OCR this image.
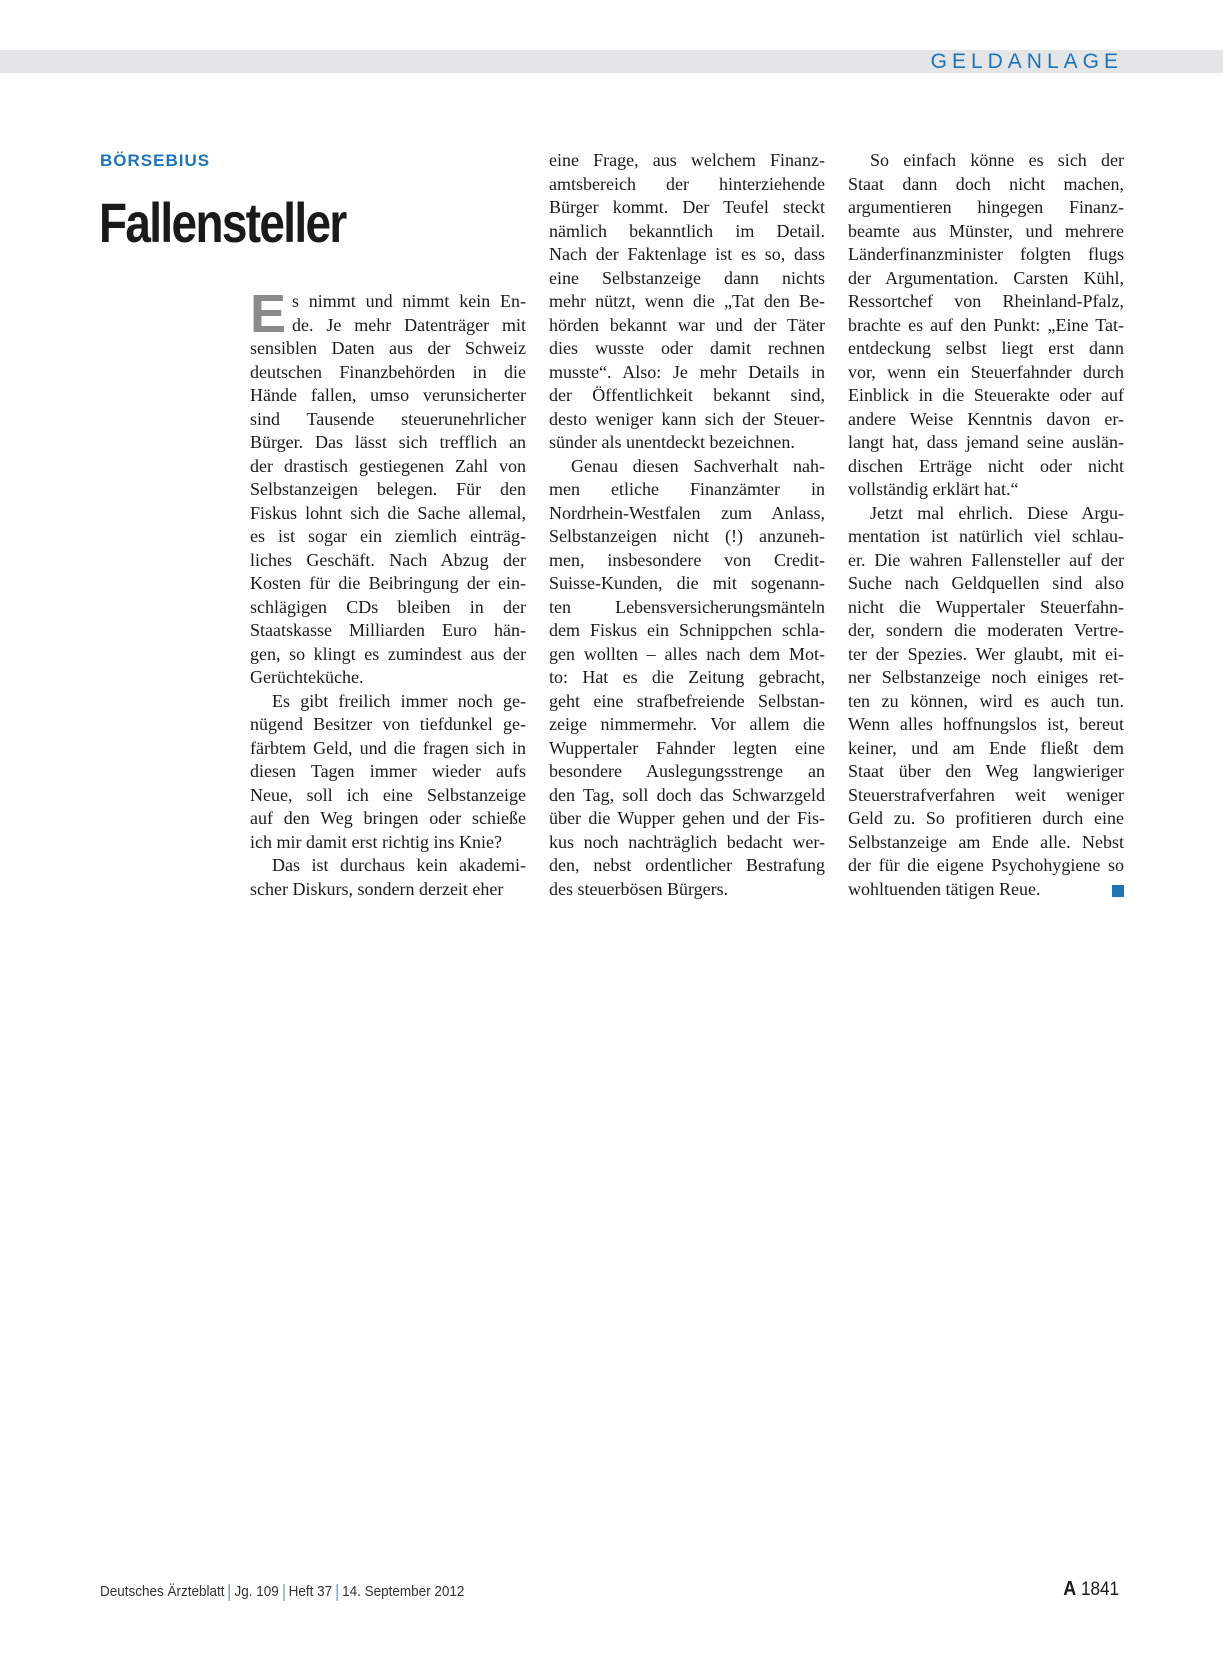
GELDANLAGE
BÖRSEBIUS
Fallensteller
s nimmt und nimmt kein En-
de. Je mehr Datenträger mit
sensiblen Daten aus der Schweiz
deutschen Finanzbehörden in die
Hände fallen, umso verunsicherter
sind Tausende steuerunehrlicher
Bürger. Das lässt sich trefflich an
der drastisch gestiegenen Zahl von
Selbstanzeigen belegen. Für den
Fiskus lohnt sich die Sache allemal,
es ist sogar ein ziemlich einträg-
liches Geschäft. Nach Abzug der
Kosten für die Beibringung der ein-
schlägigen CDs bleiben in der
Staatskasse Milliarden Euro hän-
gen, so klingt es zumindest aus der
Gerüchteküche.
Es gibt freilich immer noch ge-
nügend Besitzer von tiefdunkel ge-
färbtem Geld, und die fragen sich in
diesen Tagen immer wieder aufs
Neue, soll ich eine Selbstanzeige
auf den Weg bringen oder schieße
ich mir damit erst richtig ins Knie?
Das ist durchaus kein akademi-
scher Diskurs, sondern derzeit eher
E
eine Frage, aus welchem Finanz-
amtsbereich der hinterziehende
Bürger kommt. Der Teufel steckt
nämlich bekanntlich im Detail.
Nach der Faktenlage ist es so, dass
eine Selbstanzeige dann nichts
mehr nützt, wenn die „Tat den Be-
hörden bekannt war und der Täter
dies wusste oder damit rechnen
musste“. Also: Je mehr Details in
der Öffentlichkeit bekannt sind,
desto weniger kann sich der Steuer-
sünder als unentdeckt bezeichnen.
Genau diesen Sachverhalt nah-
men etliche Finanzämter in
Nordrhein-Westfalen zum Anlass,
Selbstanzeigen nicht (!) anzuneh-
men, insbesondere von Credit-
Suisse-Kunden, die mit sogenann-
ten Lebensversicherungsmänteln
dem Fiskus ein Schnippchen schla-
gen wollten – alles nach dem Mot-
to: Hat es die Zeitung gebracht,
geht eine strafbefreiende Selbstan-
zeige nimmermehr. Vor allem die
Wuppertaler Fahnder legten eine
besondere Auslegungsstrenge an
den Tag, soll doch das Schwarzgeld
über die Wupper gehen und der Fis-
kus noch nachträglich bedacht wer-
den, nebst ordentlicher Bestrafung
des steuerbösen Bürgers.
So einfach könne es sich der
Staat dann doch nicht machen,
argumentieren hingegen Finanz-
beamte aus Münster, und mehrere
Länderfinanzminister folgten flugs
der Argumentation. Carsten Kühl,
Ressortchef von Rheinland-Pfalz,
brachte es auf den Punkt: „Eine Tat-
entdeckung selbst liegt erst dann
vor, wenn ein Steuerfahnder durch
Einblick in die Steuerakte oder auf
andere Weise Kenntnis davon er-
langt hat, dass jemand seine auslän-
dischen Erträge nicht oder nicht
vollständig erklärt hat.“
Jetzt mal ehrlich. Diese Argu-
mentation ist natürlich viel schlau-
er. Die wahren Fallensteller auf der
Suche nach Geldquellen sind also
nicht die Wuppertaler Steuerfahn-
der, sondern die moderaten Vertre-
ter der Spezies. Wer glaubt, mit ei-
ner Selbstanzeige noch einiges ret-
ten zu können, wird es auch tun.
Wenn alles hoffnungslos ist, bereut
keiner, und am Ende fließt dem
Staat über den Weg langwieriger
Steuerstrafverfahren weit weniger
Geld zu. So profitieren durch eine
Selbstanzeige am Ende alle. Nebst
der für die eigene Psychohygiene so
wohltuenden tätigen Reue.
Deutsches Ärzteblatt Jg. 109 Heft 37 14. September 2012	A 1841
